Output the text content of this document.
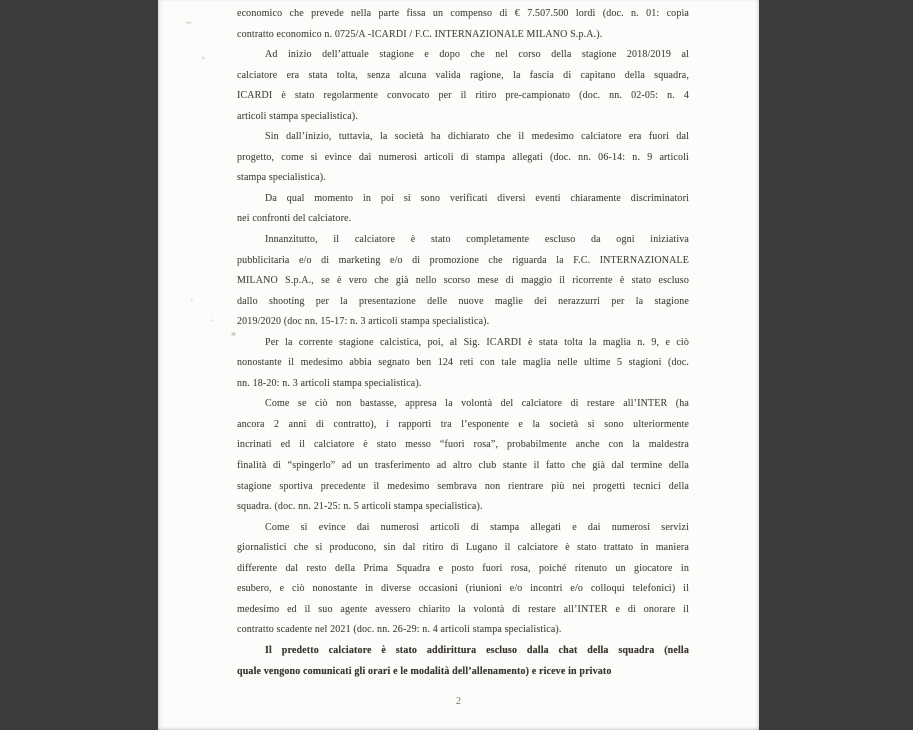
economico che prevede nella parte fissa un compenso di € 7.507.500 lordi (doc. n. 01: copia
contratto economico n. 0725/A -ICARDI / F.C. INTERNAZIONALE MILANO S.p.A.).
Ad inizio dell’attuale stagione e dopo che nel corso della stagione 2018/2019 al
calciatore era stata tolta, senza alcuna valida ragione, la fascia di capitano della squadra,
ICARDI è stato regolarmente convocato per il ritiro pre-campionato (doc. nn. 02-05: n. 4
articoli stampa specialistica).
Sin dall’inizio, tuttavia, la società ha dichiarato che il medesimo calciatore era fuori dal
progetto, come si evince dai numerosi articoli di stampa allegati (doc. nn. 06-14: n. 9 articoli
stampa specialistica).
Da qual momento in poi si sono verificati diversi eventi chiaramente discriminatori
nei confronti del calciatore.
Innanzitutto, il calciatore è stato completamente escluso da ogni iniziativa
pubblicitaria e/o di marketing e/o di promozione che riguarda la F.C. INTERNAZIONALE
MILANO S.p.A., se è vero che già nello scorso mese di maggio il ricorrente è stato escluso
dallo shooting per la presentazione delle nuove maglie dei nerazzurri per la stagione
2019/2020 (doc nn. 15-17: n. 3 articoli stampa specialistica).
Per la corrente stagione calcistica, poi, al Sig. ICARDI è stata tolta la maglia n. 9, e ciò
nonostante il medesimo abbia segnato ben 124 reti con tale maglia nelle ultime 5 stagioni (doc.
nn. 18-20: n. 3 articoli stampa specialistica).
Come se ciò non bastasse, appresa la volontà del calciatore di restare all’INTER (ha
ancora 2 anni di contratto), i rapporti tra l’esponente e la società si sono ulteriormente
incrinati ed il calciatore è stato messo “fuori rosa”, probabilmente anche con la maldestra
finalità di “spingerlo” ad un trasferimento ad altro club stante il fatto che già dal termine della
stagione sportiva precedente il medesimo sembrava non rientrare più nei progetti tecnici della
squadra. (doc. nn. 21-25: n. 5 articoli stampa specialistica).
Come si evince dai numerosi articoli di stampa allegati e dai numerosi servizi
giornalistici che si producono, sin dal ritiro di Lugano il calciatore è stato trattato in maniera
differente dal resto della Prima Squadra e posto fuori rosa, poiché ritenuto un giocatore in
esubero, e ciò nonostante in diverse occasioni (riunioni e/o incontri e/o colloqui telefonici) il
medesimo ed il suo agente avessero chiarito la volontà di restare all’INTER e di onorare il
contratto scadente nel 2021 (doc. nn. 26-29: n. 4 articoli stampa specialistica).
Il predetto calciatore è stato addirittura escluso dalla chat della squadra (nella
quale vengono comunicati gli orari e le modalità dell’allenamento) e riceve in privato
2
~
,
·
·
*
